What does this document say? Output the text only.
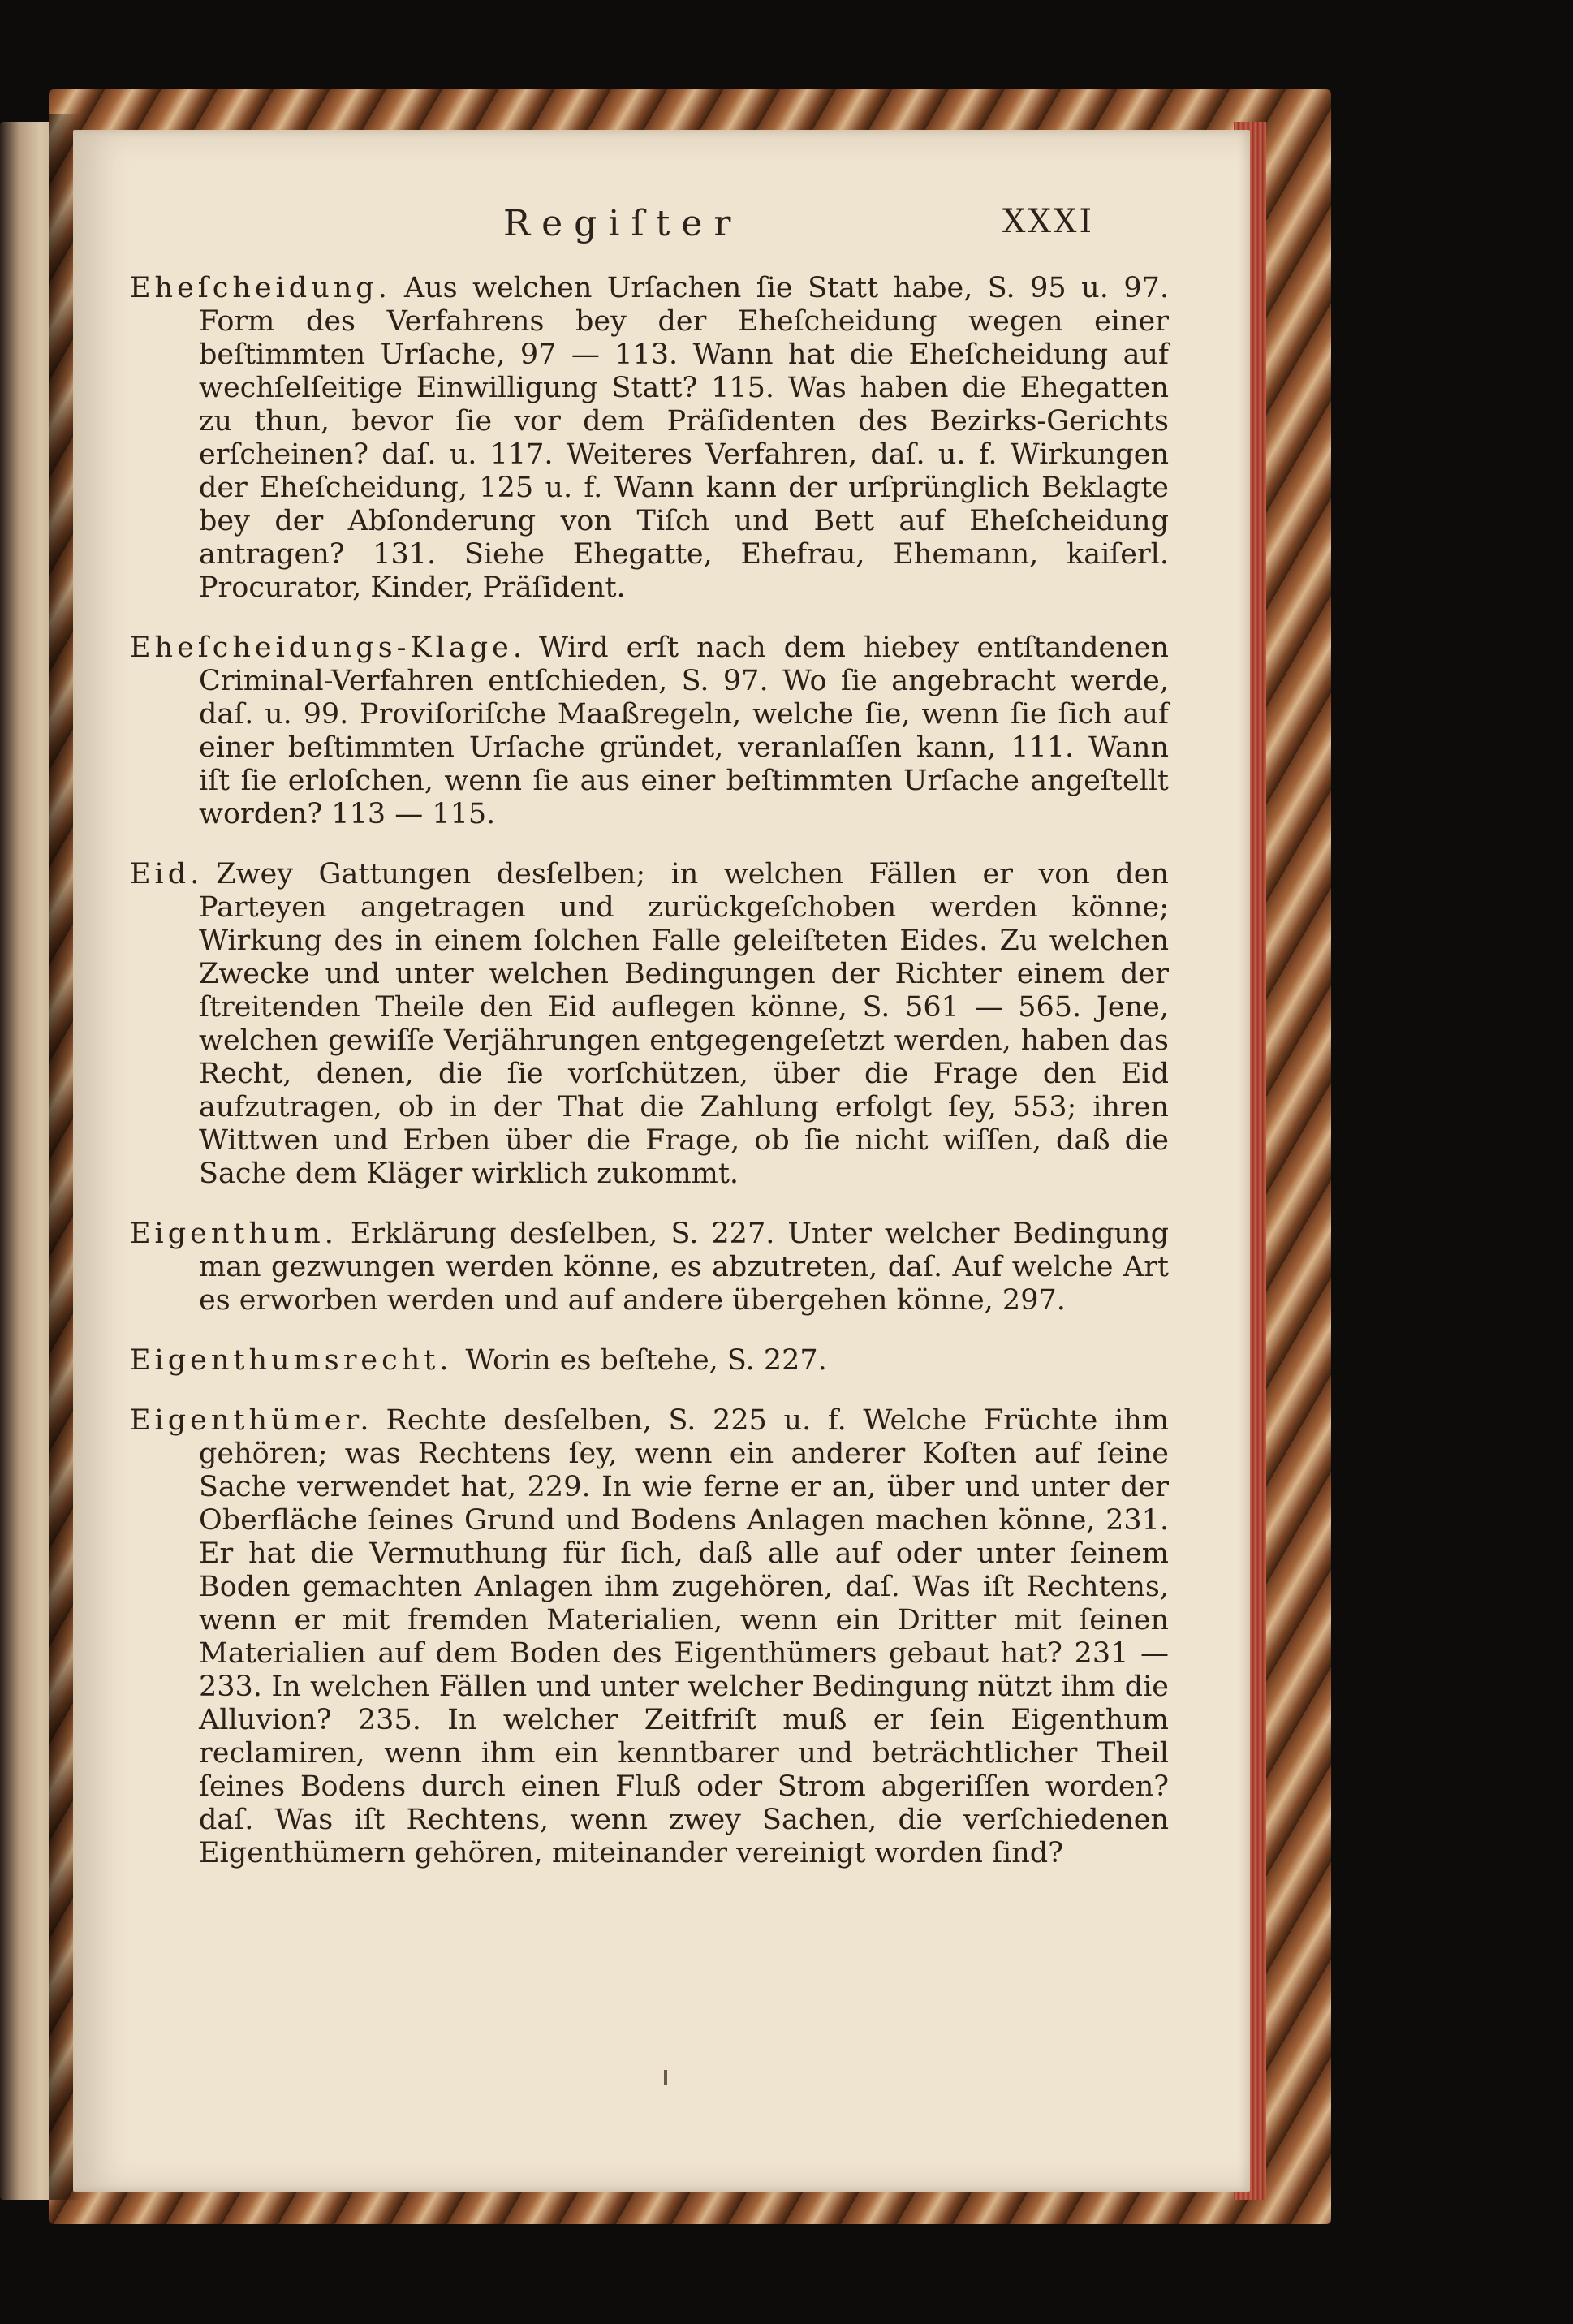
Regiſter	XXXI

Eheſcheidung. Aus welchen Urſachen ſie Statt habe, S. 95 u. 97. Form des Verfahrens bey der Eheſcheidung wegen einer beſtimmten Urſache, 97 — 113. Wann hat die Eheſcheidung auf wechſelſeitige Einwilligung Statt? 115. Was haben die Ehegatten zu thun, bevor ſie vor dem Präſidenten des Bezirks-Gerichts erſcheinen? daſ. u. 117. Weiteres Verfahren, daſ. u. f. Wirkungen der Eheſcheidung, 125 u. f. Wann kann der urſprünglich Beklagte bey der Abſonderung von Tiſch und Bett auf Eheſcheidung antragen? 131. Siehe Ehegatte, Ehefrau, Ehemann, kaiſerl. Procurator, Kinder, Präſident.

Eheſcheidungs-Klage. Wird erſt nach dem hiebey entſtandenen Criminal-Verfahren entſchieden, S. 97. Wo ſie angebracht werde, daſ. u. 99. Proviſoriſche Maaßregeln, welche ſie, wenn ſie ſich auf einer beſtimmten Urſache gründet, veranlaſſen kann, 111. Wann iſt ſie erloſchen, wenn ſie aus einer beſtimmten Urſache angeſtellt worden? 113 — 115.

Eid. Zwey Gattungen desſelben; in welchen Fällen er von den Parteyen angetragen und zurückgeſchoben werden könne; Wirkung des in einem ſolchen Falle geleiſteten Eides. Zu welchen Zwecke und unter welchen Bedingungen der Richter einem der ſtreitenden Theile den Eid auflegen könne, S. 561 — 565. Jene, welchen gewiſſe Verjährungen entgegengeſetzt werden, haben das Recht, denen, die ſie vorſchützen, über die Frage den Eid aufzutragen, ob in der That die Zahlung erfolgt ſey, 553; ihren Wittwen und Erben über die Frage, ob ſie nicht wiſſen, daß die Sache dem Kläger wirklich zukommt.

Eigenthum. Erklärung desſelben, S. 227. Unter welcher Bedingung man gezwungen werden könne, es abzutreten, daſ. Auf welche Art es erworben werden und auf andere übergehen könne, 297.

Eigenthumsrecht. Worin es beſtehe, S. 227.

Eigenthümer. Rechte desſelben, S. 225 u. f. Welche Früchte ihm gehören; was Rechtens ſey, wenn ein anderer Koſten auf ſeine Sache verwendet hat, 229. In wie ferne er an, über und unter der Oberfläche ſeines Grund und Bodens Anlagen machen könne, 231. Er hat die Vermuthung für ſich, daß alle auf oder unter ſeinem Boden gemachten Anlagen ihm zugehören, daſ. Was iſt Rechtens, wenn er mit fremden Materialien, wenn ein Dritter mit ſeinen Materialien auf dem Boden des Eigenthümers gebaut hat? 231 — 233. In welchen Fällen und unter welcher Bedingung nützt ihm die Alluvion? 235. In welcher Zeitfriſt muß er ſein Eigenthum reclamiren, wenn ihm ein kenntbarer und beträchtlicher Theil ſeines Bodens durch einen Fluß oder Strom abgeriſſen worden? daſ. Was iſt Rechtens, wenn zwey Sachen, die verſchiedenen Eigenthümern gehören, miteinander vereinigt worden ſind?
